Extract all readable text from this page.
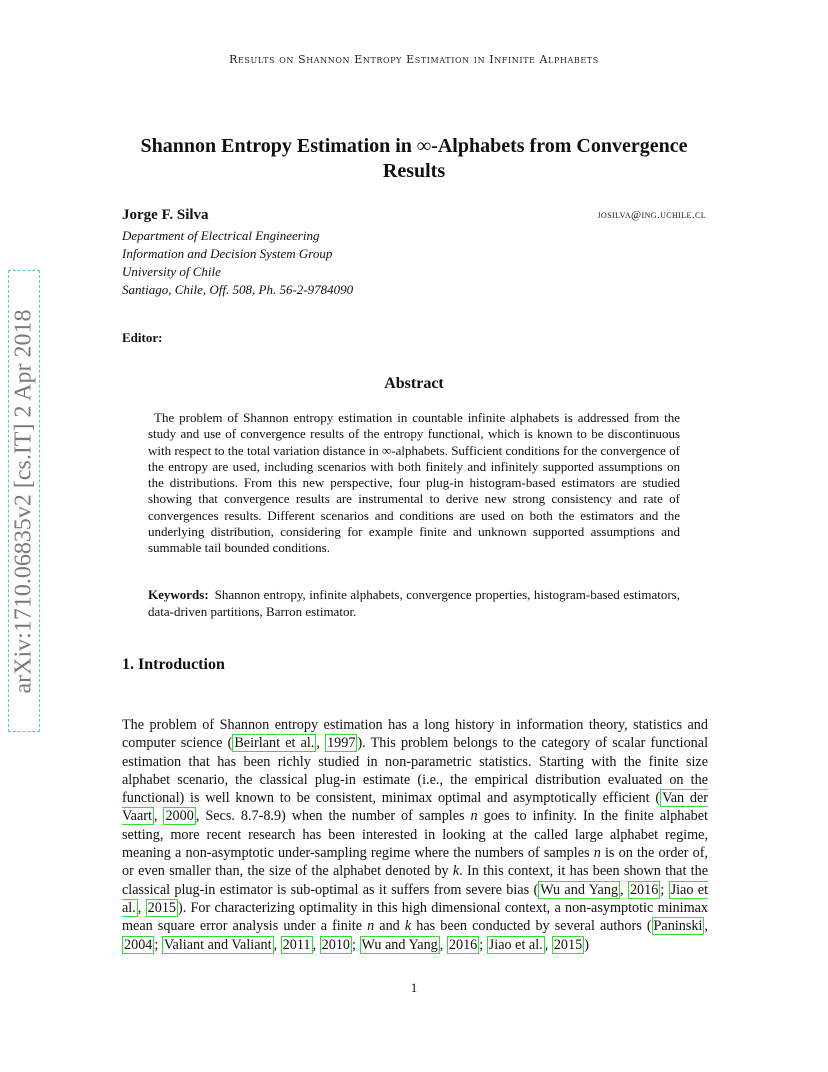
Results on Shannon Entropy Estimation in Infinite Alphabets
arXiv:1710.06835v2 [cs.IT] 2 Apr 2018
Shannon Entropy Estimation in ∞-Alphabets from Convergence Results
Jorge F. Silva	josilva@ing.uchile.cl
Department of Electrical Engineering
Information and Decision System Group
University of Chile
Santiago, Chile, Off. 508, Ph. 56-2-9784090
Editor:
Abstract
The problem of Shannon entropy estimation in countable infinite alphabets is addressed from the study and use of convergence results of the entropy functional, which is known to be discontinuous with respect to the total variation distance in ∞-alphabets. Sufficient conditions for the convergence of the entropy are used, including scenarios with both finitely and infinitely supported assumptions on the distributions. From this new perspective, four plug-in histogram-based estimators are studied showing that convergence results are instrumental to derive new strong consistency and rate of convergences results. Different scenarios and conditions are used on both the estimators and the underlying distribution, considering for example finite and unknown supported assumptions and summable tail bounded conditions.
Keywords: Shannon entropy, infinite alphabets, convergence properties, histogram-based estimators, data-driven partitions, Barron estimator.
1. Introduction
The problem of Shannon entropy estimation has a long history in information theory, statistics and computer science ( Beirlant et al. , 1997 ). This problem belongs to the category of scalar functional estimation that has been richly studied in non-parametric statistics. Starting with the finite size alphabet scenario, the classical plug-in estimate (i.e., the empirical distribution evaluated on the functional) is well known to be consistent, minimax optimal and asymptotically efficient ( Van der Vaart , 2000 , Secs. 8.7-8.9) when the number of samples n goes to infinity. In the finite alphabet setting, more recent research has been interested in looking at the called large alphabet regime, meaning a non-asymptotic under-sampling regime where the numbers of samples n is on the order of, or even smaller than, the size of the alphabet denoted by k. In this context, it has been shown that the classical plug-in estimator is sub-optimal as it suffers from severe bias ( Wu and Yang , 2016 ; Jiao et al. , 2015 ). For characterizing optimality in this high dimensional context, a non-asymptotic minimax mean square error analysis under a finite n and k has been conducted by several authors ( Paninski , 2004 ; Valiant and Valiant , 2011 , 2010 ; Wu and Yang , 2016 ; Jiao et al. , 2015 )
1
